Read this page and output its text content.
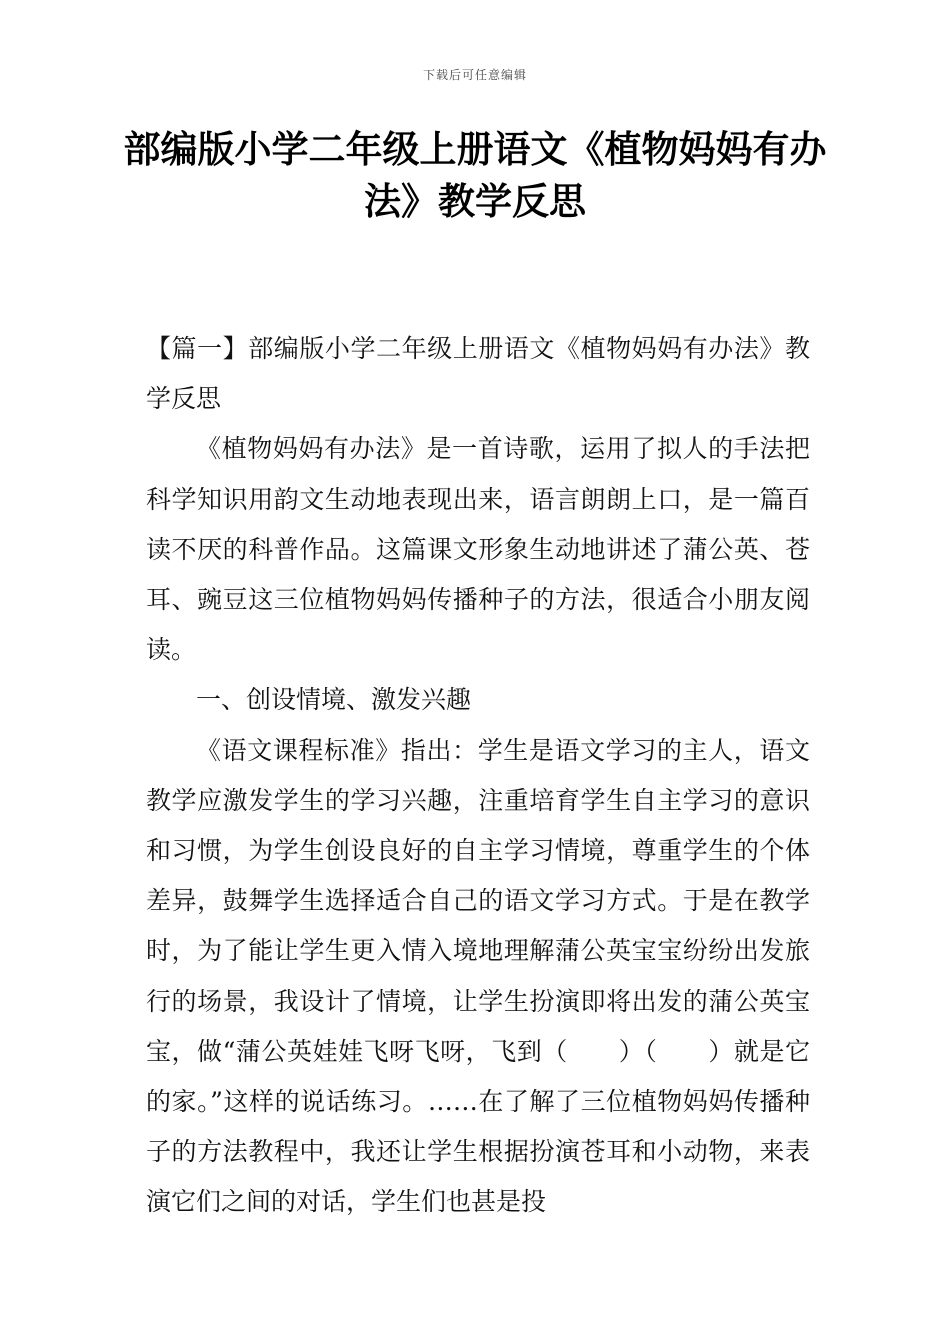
下载后可任意编辑
部编版小学二年级上册语文《植物妈妈有办法》教学反思

【篇一】部编版小学二年级上册语文《植物妈妈有办法》教学反思

《植物妈妈有办法》是一首诗歌，运用了拟人的手法把科学知识用韵文生动地表现出来，语言朗朗上口，是一篇百读不厌的科普作品。这篇课文形象生动地讲述了蒲公英、苍耳、豌豆这三位植物妈妈传播种子的方法，很适合小朋友阅读。

一、创设情境、激发兴趣

《语文课程标准》指出：学生是语文学习的主人，语文教学应激发学生的学习兴趣，注重培育学生自主学习的意识和习惯，为学生创设良好的自主学习情境，尊重学生的个体差异，鼓舞学生选择适合自己的语文学习方式。于是在教学时，为了能让学生更入情入境地理解蒲公英宝宝纷纷出发旅行的场景，我设计了情境，让学生扮演即将出发的蒲公英宝宝，做“蒲公英娃娃飞呀飞呀，飞到（　　）（　　）就是它的家。”这样的说话练习。……在了解了三位植物妈妈传播种子的方法教程中，我还让学生根据扮演苍耳和小动物，来表演它们之间的对话，学生们也甚是投
